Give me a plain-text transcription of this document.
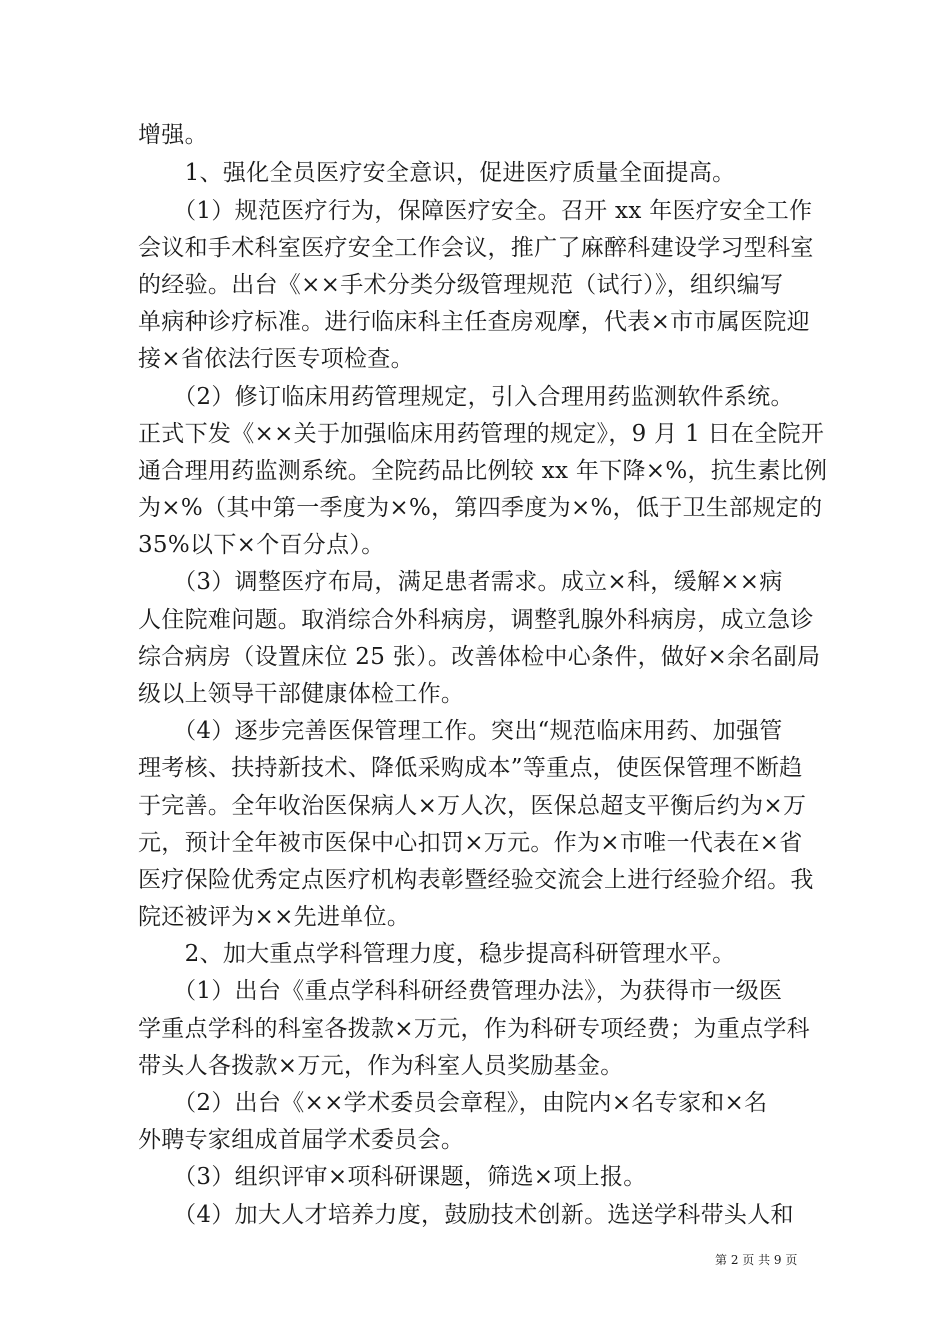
增强。
　　1、强化全员医疗安全意识，促进医疗质量全面提高。
　　（1）规范医疗行为，保障医疗安全。召开 xx 年医疗安全工作
会议和手术科室医疗安全工作会议，推广了麻醉科建设学习型科室
的经验。出台《××手术分类分级管理规范（试行）》，组织编写
单病种诊疗标准。进行临床科主任查房观摩，代表×市市属医院迎
接×省依法行医专项检查。
　　（2）修订临床用药管理规定，引入合理用药监测软件系统。
正式下发《××关于加强临床用药管理的规定》，9 月 1 日在全院开
通合理用药监测系统。全院药品比例较 xx 年下降×%，抗生素比例
为×%（其中第一季度为×%，第四季度为×%，低于卫生部规定的
35%以下×个百分点）。
　　（3）调整医疗布局，满足患者需求。成立×科，缓解××病
人住院难问题。取消综合外科病房，调整乳腺外科病房，成立急诊
综合病房（设置床位 25 张）。改善体检中心条件，做好×余名副局
级以上领导干部健康体检工作。
　　（4）逐步完善医保管理工作。突出“规范临床用药、加强管
理考核、扶持新技术、降低采购成本”等重点，使医保管理不断趋
于完善。全年收治医保病人×万人次，医保总超支平衡后约为×万
元，预计全年被市医保中心扣罚×万元。作为×市唯一代表在×省
医疗保险优秀定点医疗机构表彰暨经验交流会上进行经验介绍。我
院还被评为××先进单位。
　　2、加大重点学科管理力度，稳步提高科研管理水平。
　　（1）出台《重点学科科研经费管理办法》，为获得市一级医
学重点学科的科室各拨款×万元，作为科研专项经费；为重点学科
带头人各拨款×万元，作为科室人员奖励基金。
　　（2）出台《××学术委员会章程》，由院内×名专家和×名
外聘专家组成首届学术委员会。
　　（3）组织评审×项科研课题，筛选×项上报。
　　（4）加大人才培养力度，鼓励技术创新。选送学科带头人和
第 2 页 共 9 页
